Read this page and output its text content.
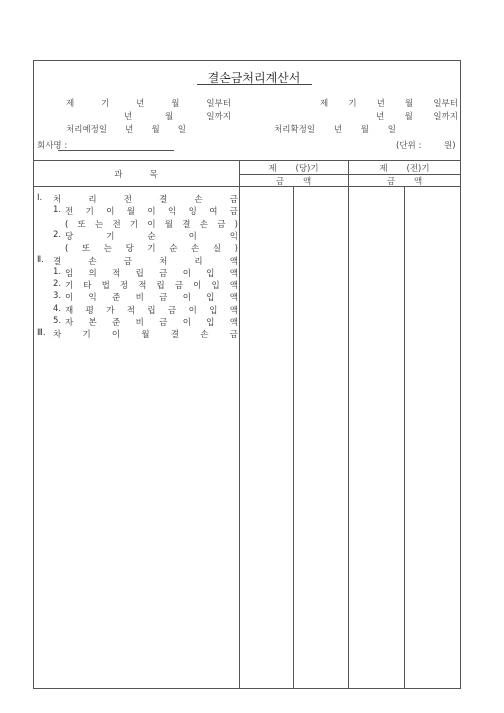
결손금처리계산서
제	기	년	월	일부터
년	월	일까지
제 기 년 월 일부터
년 월 일까지
처리예정일 년 월 일	처리확정일 년 월 일
회사명 :	(단위 :	원)
과          목
제       (당)기	제       (전)기
금       액	금       액
Ⅰ. 처 리 전 결 손 금
1. 전 기 이 월 이 익 잉 여 금
( 또 는 전 기 이 월 결 손 금 )
2. 당 기 순 이 익
( 또 는 당 기 순 손 실 )
Ⅱ. 결 손 금 처 리 액
1. 임 의 적 립 금 이 입 액
2. 기 타 법 정 적 립 금 이 입 액
3. 이 익 준 비 금 이 입 액
4. 재 평 가 적 립 금 이 입 액
5. 자 본 준 비 금 이 입 액
Ⅲ. 차 기 이 월 결 손 금
